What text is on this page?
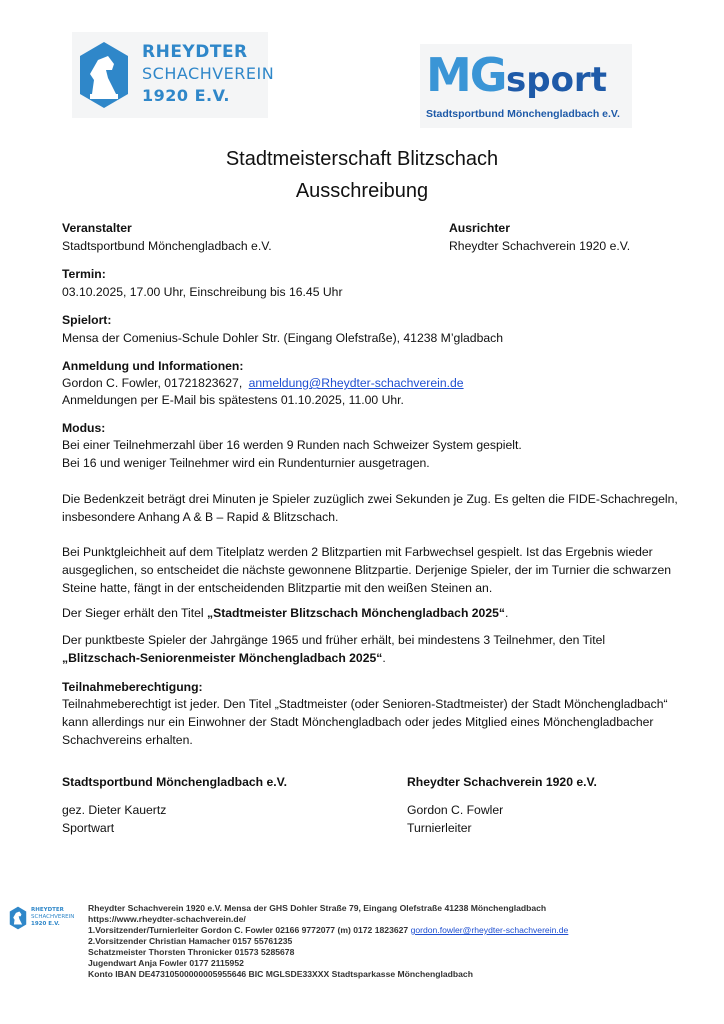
RHEYDTER
SCHACHVEREIN
1920 E.V.	MG sport
Stadtsportbund Mönchengladbach e.V.
Stadtmeisterschaft Blitzschach
Ausschreibung
Veranstalter
Stadtsportbund Mönchengladbach e.V.
Ausrichter
Rheydter Schachverein 1920 e.V.
Termin:
03.10.2025, 17.00 Uhr, Einschreibung bis 16.45 Uhr
Spielort:
Mensa der Comenius-Schule Dohler Str. (Eingang Olefstraße), 41238 M’gladbach
Anmeldung und Informationen:
Gordon C. Fowler, 01721823627, anmeldung@Rheydter-schachverein.de
Anmeldungen per E-Mail bis spätestens 01.10.2025, 11.00 Uhr.
Modus:
Bei einer Teilnehmerzahl über 16 werden 9 Runden nach Schweizer System gespielt.
Bei 16 und weniger Teilnehmer wird ein Rundenturnier ausgetragen.
Die Bedenkzeit beträgt drei Minuten je Spieler zuzüglich zwei Sekunden je Zug. Es gelten die FIDE-Schachregeln,
insbesondere Anhang A & B – Rapid & Blitzschach.
Bei Punktgleichheit auf dem Titelplatz werden 2 Blitzpartien mit Farbwechsel gespielt. Ist das Ergebnis wieder
ausgeglichen, so entscheidet die nächste gewonnene Blitzpartie. Derjenige Spieler, der im Turnier die schwarzen
Steine hatte, fängt in der entscheidenden Blitzpartie mit den weißen Steinen an.
Der Sieger erhält den Titel „Stadtmeister Blitzschach Mönchengladbach 2025“.
Der punktbeste Spieler der Jahrgänge 1965 und früher erhält, bei mindestens 3 Teilnehmer, den Titel
„Blitzschach-Seniorenmeister Mönchengladbach 2025“.
Teilnahmeberechtigung:
Teilnahmeberechtigt ist jeder. Den Titel „Stadtmeister (oder Senioren-Stadtmeister) der Stadt Mönchengladbach“
kann allerdings nur ein Einwohner der Stadt Mönchengladbach oder jedes Mitglied eines Mönchengladbacher
Schachvereins erhalten.
Stadtsportbund Mönchengladbach e.V.
gez. Dieter Kauertz
Sportwart
Rheydter Schachverein 1920 e.V.
Gordon C. Fowler
Turnierleiter
RHEYDTER
SCHACHVEREIN
1920 E.V.
Rheydter Schachverein 1920 e.V. Mensa der GHS Dohler Straße 79, Eingang Olefstraße 41238 Mönchengladbach
https://www.rheydter-schachverein.de/
1.Vorsitzender/Turnierleiter Gordon C. Fowler 02166 9772077 (m) 0172 1823627 gordon.fowler@rheydter-schachverein.de
2.Vorsitzender Christian Hamacher 0157 55761235
Schatzmeister Thorsten Thronicker 01573 5285678
Jugendwart Anja Fowler 0177 2115952
Konto IBAN DE47310500000005955646 BIC MGLSDE33XXX Stadtsparkasse Mönchengladbach
